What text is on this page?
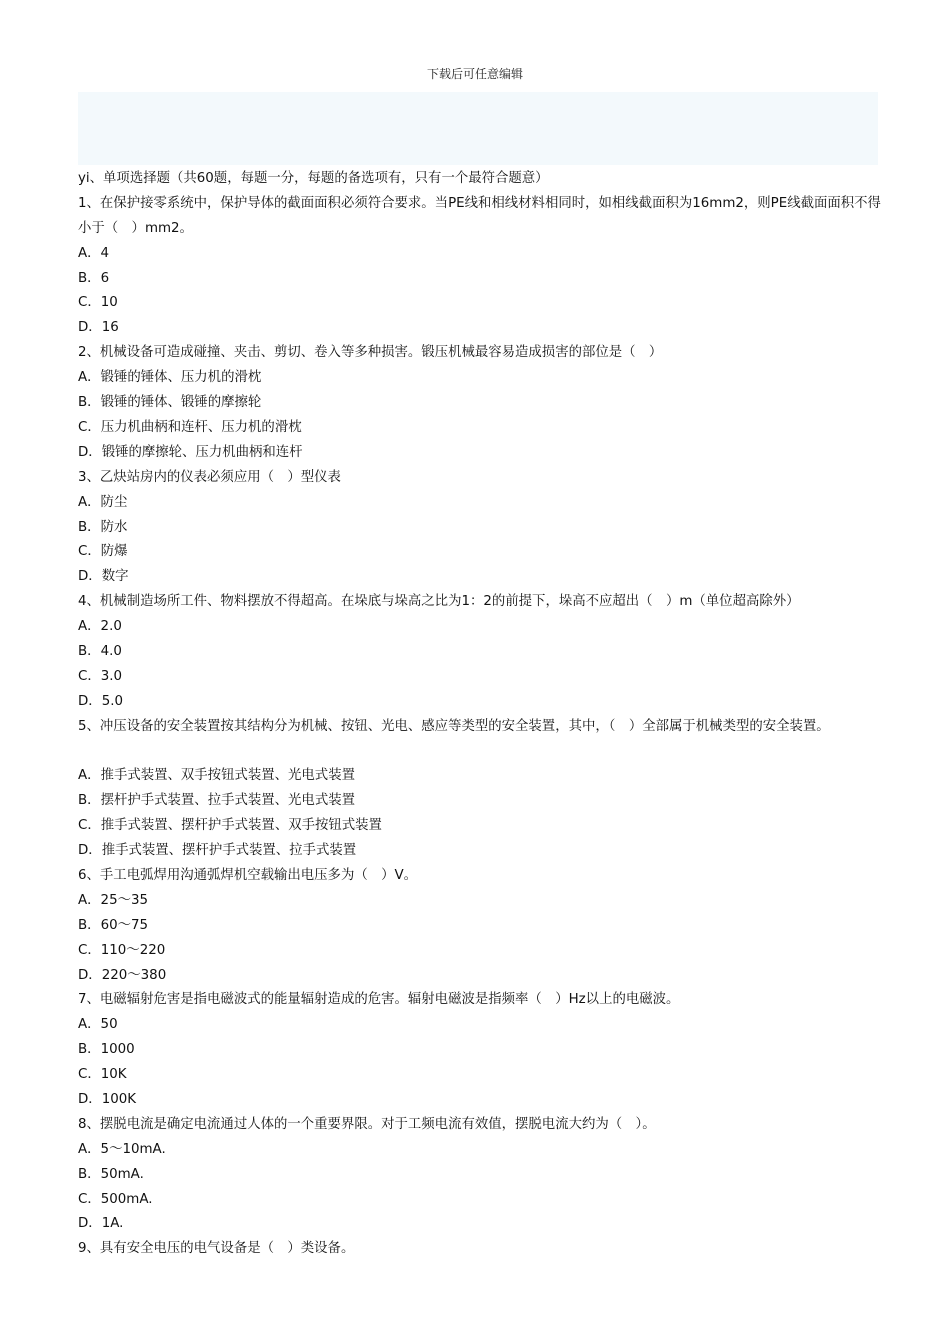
下载后可任意编辑
yi、单项选择题（共60题，每题一分，每题的备选项有，只有一个最符合题意）
1、在保护接零系统中，保护导体的截面面积必须符合要求。当PE线和相线材料相同时，如相线截面积为16mm2，则PE线截面面积不得小于（　）mm2。
A．4
B．6
C．10
D．16
2、机械设备可造成碰撞、夹击、剪切、卷入等多种损害。锻压机械最容易造成损害的部位是（　）
A．锻锤的锤体、压力机的滑枕
B．锻锤的锤体、锻锤的摩擦轮
C．压力机曲柄和连杆、压力机的滑枕
D．锻锤的摩擦轮、压力机曲柄和连杆
3、乙炔站房内的仪表必须应用（　）型仪表
A．防尘
B．防水
C．防爆
D．数字
4、机械制造场所工件、物料摆放不得超高。在垛底与垛高之比为1：2的前提下，垛高不应超出（　）m（单位超高除外）
A．2.0
B．4.0
C．3.0
D．5.0
5、冲压设备的安全装置按其结构分为机械、按钮、光电、感应等类型的安全装置，其中，（　）全部属于机械类型的安全装置。
A．推手式装置、双手按钮式装置、光电式装置
B．摆杆护手式装置、拉手式装置、光电式装置
C．推手式装置、摆杆护手式装置、双手按钮式装置
D．推手式装置、摆杆护手式装置、拉手式装置
6、手工电弧焊用沟通弧焊机空载输出电压多为（　）V。
A．25～35
B．60～75
C．110～220
D．220～380
7、电磁辐射危害是指电磁波式的能量辐射造成的危害。辐射电磁波是指频率（　）Hz以上的电磁波。
A．50
B．1000
C．10K
D．100K
8、摆脱电流是确定电流通过人体的一个重要界限。对于工频电流有效值，摆脱电流大约为（　）。
A．5～10mA.
B．50mA.
C．500mA.
D．1A.
9、具有安全电压的电气设备是（　）类设备。
